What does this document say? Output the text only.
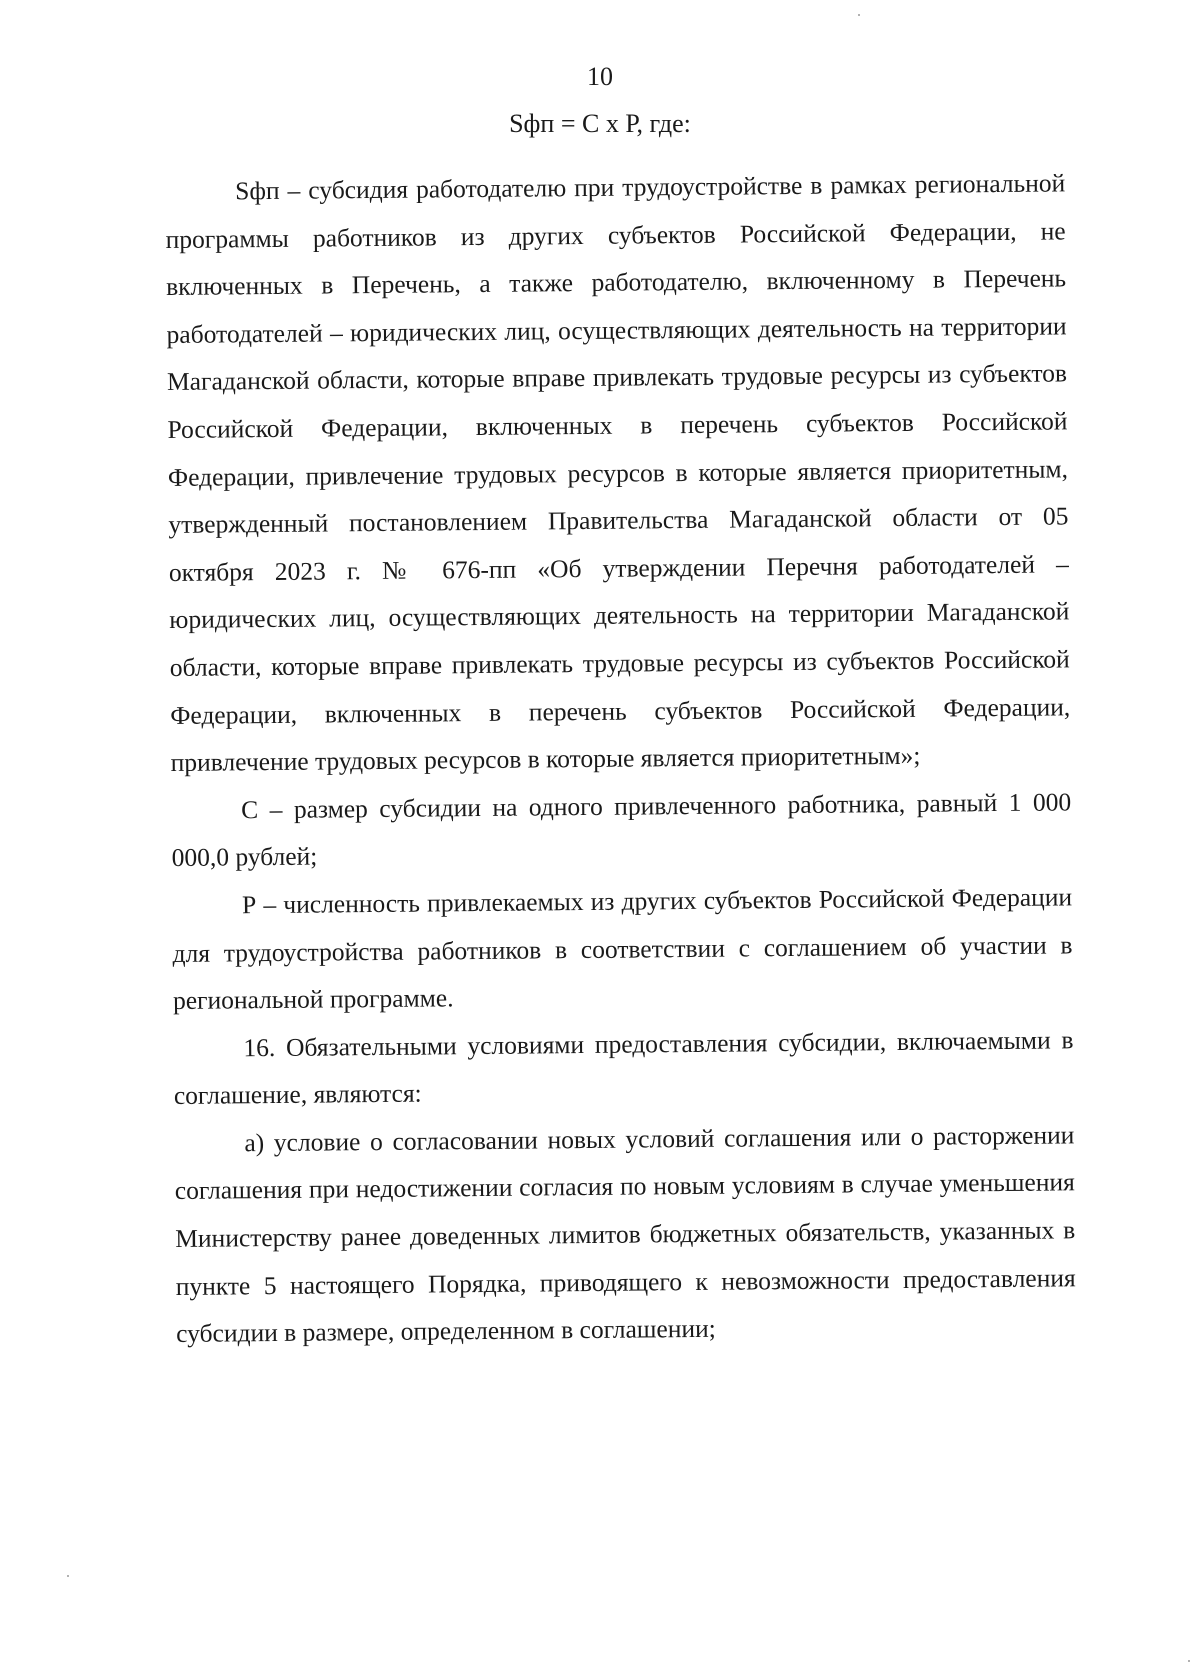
10
Sфп = С х Р, где:

Sфп – субсидия работодателю при трудоустройстве в рамках региональной программы работников из других субъектов Российской Федерации, не включенных в Перечень, а также работодателю, включенному в Перечень работодателей – юридических лиц, осуществляющих деятельность на территории Магаданской области, которые вправе привлекать трудовые ресурсы из субъектов Российской Федерации, включенных в перечень субъектов Российской Федерации, привлечение трудовых ресурсов в которые является приоритетным, утвержденный постановлением Правительства Магаданской области от 05 октября 2023 г. № 676-пп «Об утверждении Перечня работодателей – юридических лиц, осуществляющих деятельность на территории Магаданской области, которые вправе привлекать трудовые ресурсы из субъектов Российской Федерации, включенных в перечень субъектов Российской Федерации, привлечение трудовых ресурсов в которые является приоритетным»;

С – размер субсидии на одного привлеченного работника, равный 1 000 000,0 рублей;

Р – численность привлекаемых из других субъектов Российской Федерации для трудоустройства работников в соответствии с соглашением об участии в региональной программе.

16. Обязательными условиями предоставления субсидии, включаемыми в соглашение, являются:

а) условие о согласовании новых условий соглашения или о расторжении соглашения при недостижении согласия по новым условиям в случае уменьшения Министерству ранее доведенных лимитов бюджетных обязательств, указанных в пункте 5 настоящего Порядка, приводящего к невозможности предоставления субсидии в размере, определенном в соглашении;
